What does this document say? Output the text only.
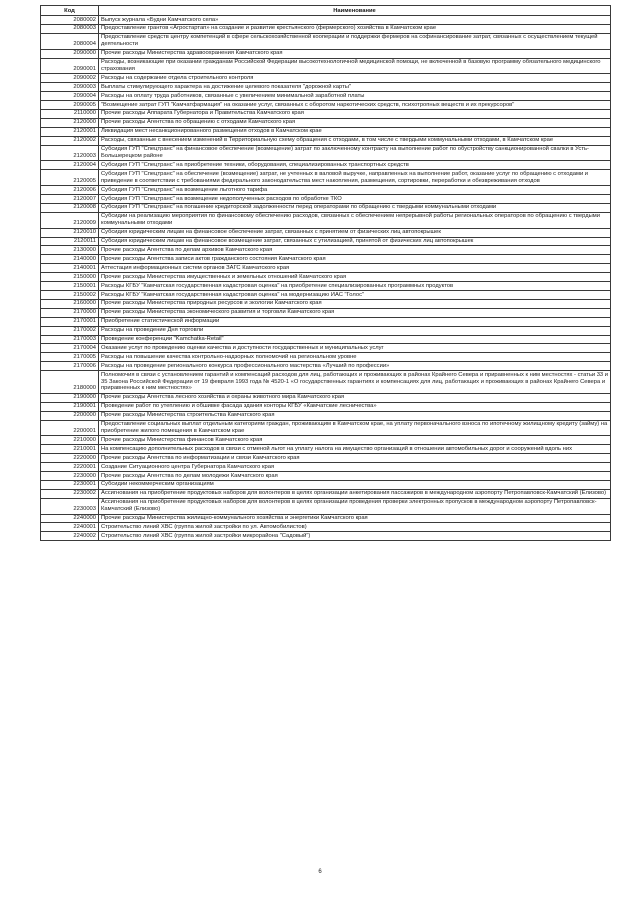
Код	Наименование
2080002	Выпуск журнала «Будни Камчатского села»
2080003	Предоставление грантов «Агростартап» на создание и развитие крестьянского (фермерского) хозяйства в Камчатском крае
2080004	Предоставление средств центру компетенций в сфере сельскохозяйственной кооперации и поддержки фермеров на софинансирование затрат, связанных с осуществлением текущей деятельности
2090000	Прочие расходы Министерства здравоохранения Камчатского края
2090001	Расходы, возникающие при оказании гражданам Российской Федерации высокотехнологичной медицинской помощи, не включенной в базовую программу обязательного медицинского страхования
2090002	Расходы на содержание отдела строительного контроля
2090003	Выплаты стимулирующего характера на достижение целевого показателя "дорожной карты"
2090004	Расходы на оплату труда работников, связанные с увеличением минимальной заработной платы
2090005	"Возмещение затрат ГУП "Камчатфармация" на оказание услуг, связанных с оборотом наркотических средств, психотропных веществ и их прекурсоров"
2110000	Прочие расходы Аппарата Губернатора и Правительства Камчатского края
2120000	Прочие расходы Агентства по обращению с отходами Камчатского края
2120001	Ликвидация мест несанкционированного размещения отходов в Камчатском крае
2120002	Расходы, связанные с внесением изменений в Территориальную схему обращения с отходами, в том числе с твердыми коммунальными отходами, в Камчатском крае
2120003	Субсидия ГУП "Спецтранс" на финансовое обеспечение (возмещение) затрат по заключенному контракту на выполнение работ по обустройству санкционированной свалки в Усть-Большерецком районе
2120004	Субсидия ГУП "Спецтранс" на приобретение техники, оборудования, специализированных транспортных средств
2120005	Субсидия ГУП "Спецтранс" на обеспечение (возмещение) затрат, не учтенных в валовой выручке, направленных на выполнение работ, оказание услуг по обращению с отходами и приведение в соответствии с требованиями федерального законодательства мест накопления, размещения, сортировки, переработки и обезвреживания отходов
2120006	Субсидия ГУП "Спецтранс" на возмещение льготного тарифа
2120007	Субсидия ГУП "Спецтранс" на возмещение недополученных расходов по обработке ТКО
2120008	Субсидия ГУП "Спецтранс" на погашение кредиторской задолженности перед операторами по обращению с твердыми коммунальными отходами
2120009	Субсидии на реализацию мероприятия по финансовому обеспечению расходов, связанных с обеспечением непрерывной работы региональных операторов по обращению с твердыми коммунальными отходами
2120010	Субсидия юридическим лицам на финансовое обеспечение затрат, связанных с принятием от физических лиц автопокрышек
2120011	Субсидия юридическим лицам на финансовое возмещение затрат, связанных с утилизацией, принятой от физических лиц автопокрышек
2130000	Прочие расходы Агентства по делам архивов Камчатского края
2140000	Прочие расходы Агентства записи актов гражданского состояния Камчатского края
2140001	Аттестация информационных систем органов ЗАГС Камчатского края
2150000	Прочие расходы Министерства имущественных и земельных отношений Камчатского края
2150001	Расходы КГБУ "Камчатская государственная кадастровая оценка" на приобретение специализированных программных продуктов
2150002	Расходы КГБУ "Камчатская государственная кадастровая оценка" на модернизацию ИАС "Голос"
2160000	Прочие расходы Министерства природных ресурсов и экологии Камчатского края
2170000	Прочие расходы Министерства экономического развития и торговли Камчатского края
2170001	Приобретение статистической информации
2170002	Расходы на проведение Дня торговли
2170003	Проведение конференции "Kamchatka-Retail"
2170004	Оказание услуг по проведению оценки качества и доступности государственных и муниципальных услуг
2170005	Расходы на повышение качества контрольно-надзорных полномочий на региональном уровне
2170006	Расходы на проведение регионального конкурса профессионального мастерства «Лучший по профессии»
2180000	Полномочия в связи с установлением гарантий и компенсаций расходов для лиц, работающих и проживающих в районах Крайнего Севера и приравненных к ним местностях - статьи 33 и 35 Закона Российской Федерации от 19 февраля 1993 года № 4520-1 «О государственных гарантиях и компенсациях для лиц, работающих и проживающих в районах Крайнего Севера и приравненных к ним местностях»
2190000	Прочие расходы Агентства лесного хозяйства и охраны животного мира Камчатского края
2190001	Проведение работ по утеплению и обшивке фасада здания конторы КГБУ «Камчатские лесничества»
2200000	Прочие расходы Министерства строительства Камчатского края
2200001	Предоставление социальных выплат отдельным категориям граждан, проживающим в Камчатском крае, на уплату первоначального взноса по ипотечному жилищному кредиту (займу) на приобретение жилого помещения в Камчатском крае
2210000	Прочие расходы Министерства финансов Камчатского края
2210001	На компенсацию дополнительных расходов в связи с отменой льгот на уплату налога на имущество организаций в отношении автомобильных дорог и сооружений вдоль них
2220000	Прочие расходы Агентства по информатизации и связи Камчатского края
2220001	Создание Ситуационного центра Губернатора Камчатского края
2230000	Прочие расходы Агентства по делам молодежи Камчатского края
2230001	Субсидии некоммерческим организациям
2230002	Ассигнования на приобретение продуктовых наборов для волонтеров в целях организации анкетирования пассажиров в международном аэропорту Петропавловск-Камчатский (Елизово)
2230003	Ассигнования на приобретение продуктовых наборов для волонтеров в целях организации проведения проверки электронных пропусков в международном аэропорту Петропавловск-Камчатский (Елизово)
2240000	Прочие расходы Министерства жилищно-коммунального хозяйства и энергетики Камчатского края
2240001	Строительство линий ХВС (группа жилой застройки по ул. Автомобилистов)
2240002	Строительство линий ХВС (группа жилой застройки микрорайона "Садовый")
6
